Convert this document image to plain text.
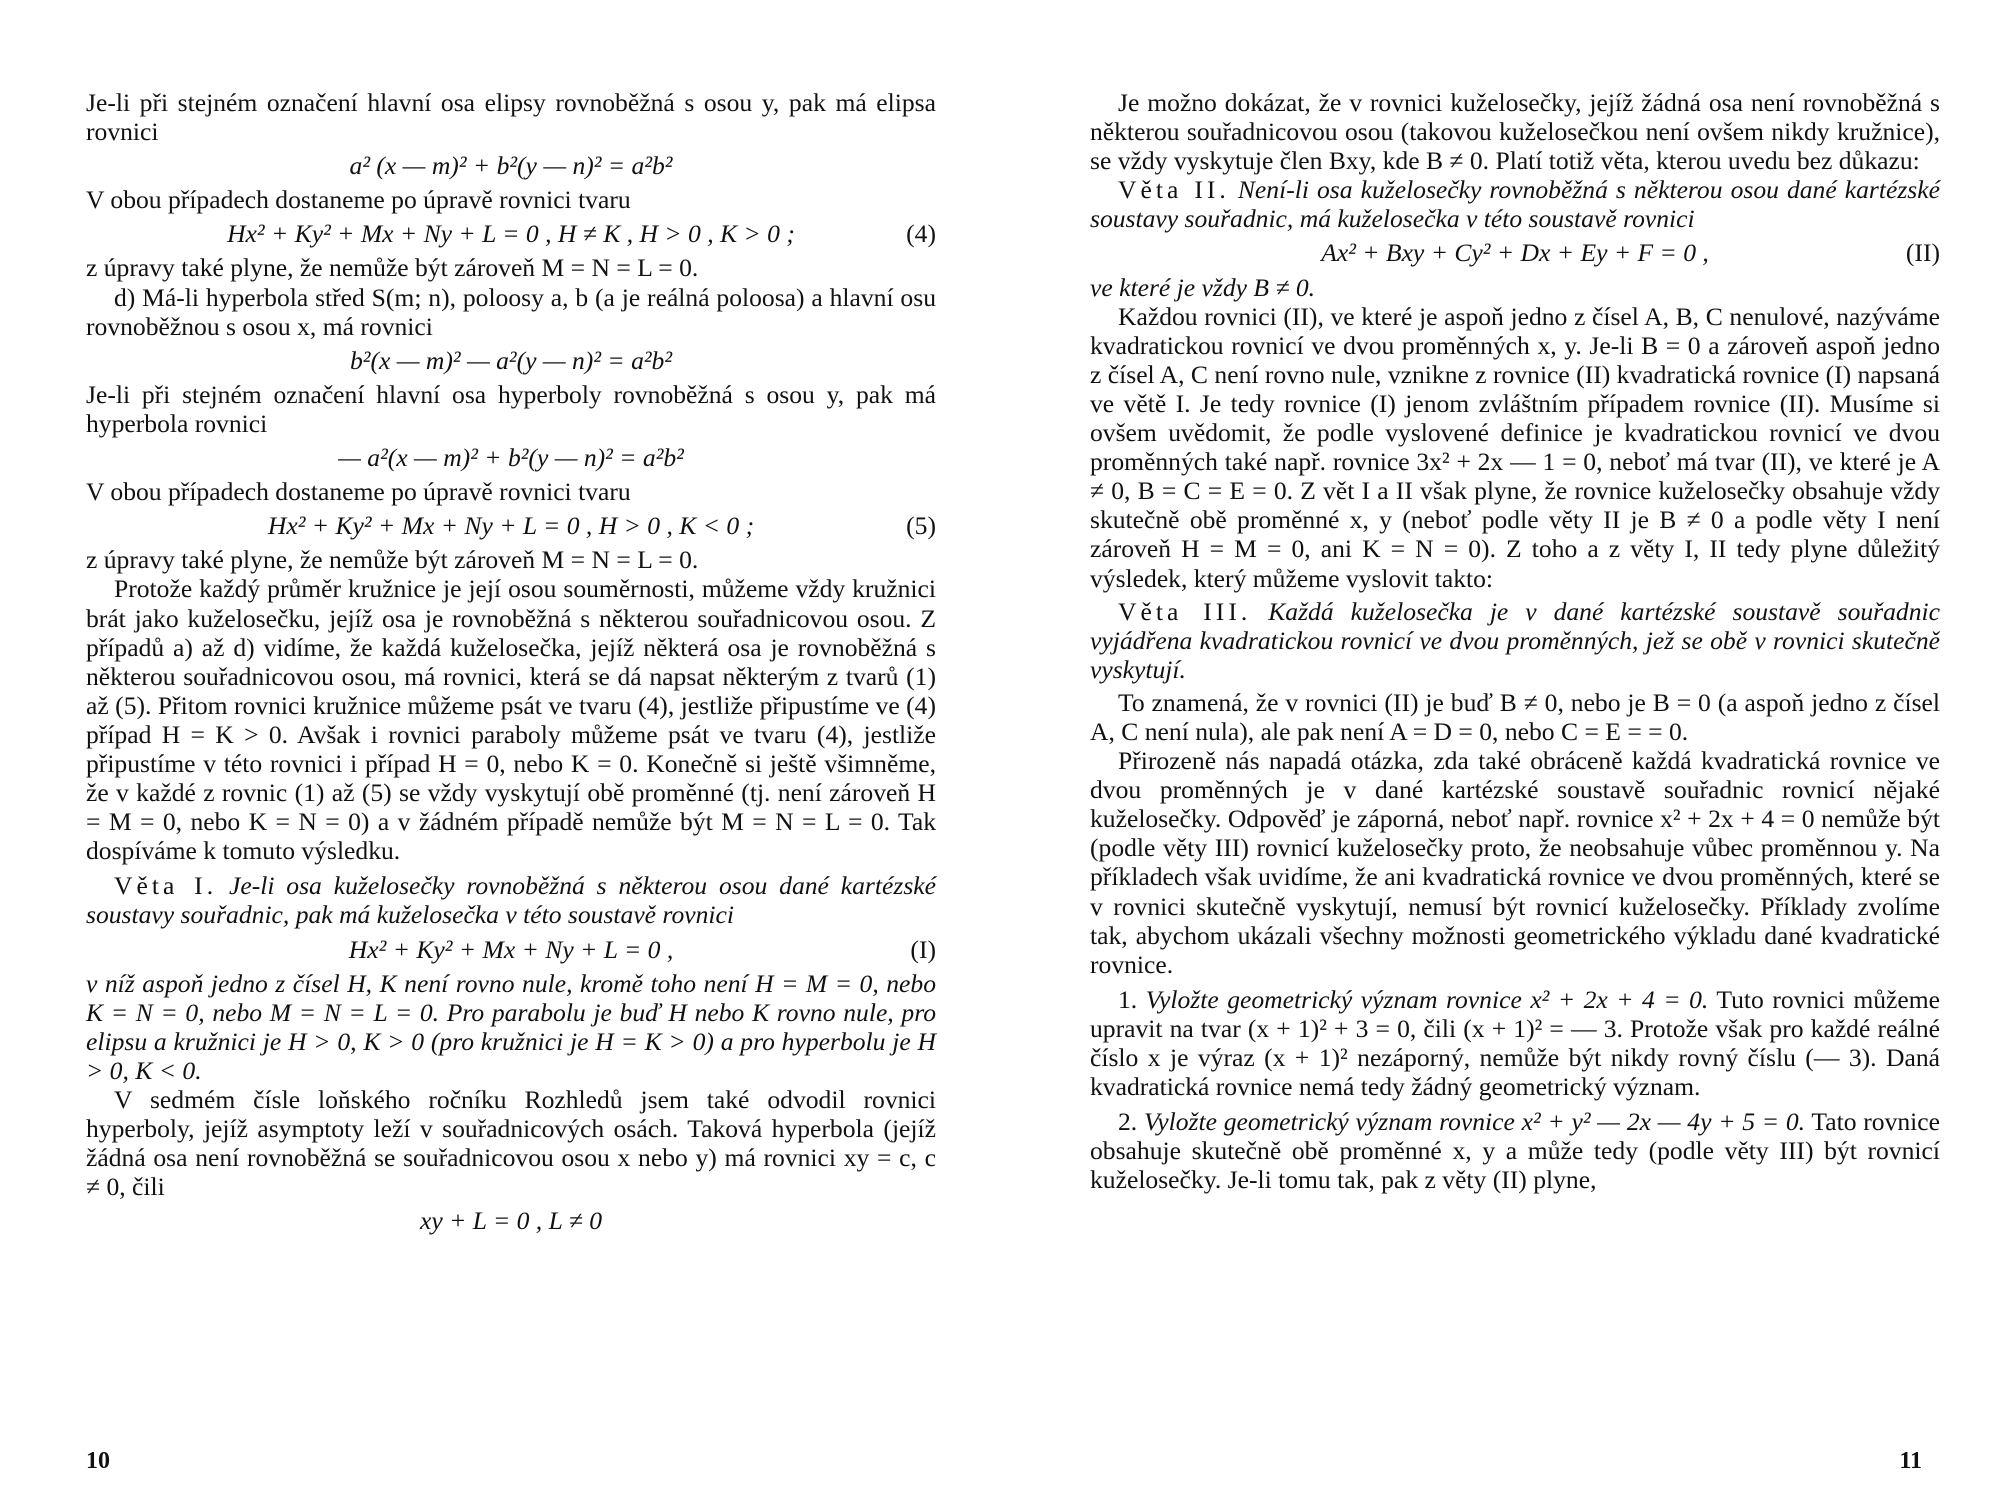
Je-li při stejném označení hlavní osa elipsy rovnoběžná s osou y, pak má elipsa rovnici

a² (x — m)² + b²(y — n)² = a²b²

V obou případech dostaneme po úpravě rovnici tvaru

Hx² + Ky² + Mx + Ny + L = 0 , H ≠ K , H > 0 , K > 0 ;	(4)

z úpravy také plyne, že nemůže být zároveň M = N = L = 0.

d) Má-li hyperbola střed S(m; n), poloosy a, b (a je reálná poloosa) a hlavní osu rovnoběžnou s osou x, má rovnici

b²(x — m)² — a²(y — n)² = a²b²

Je-li při stejném označení hlavní osa hyperboly rovnoběžná s osou y, pak má hyperbola rovnici

— a²(x — m)² + b²(y — n)² = a²b²

V obou případech dostaneme po úpravě rovnici tvaru

Hx² + Ky² + Mx + Ny + L = 0 , H > 0 , K < 0 ;	(5)

z úpravy také plyne, že nemůže být zároveň M = N = L = 0.

Protože každý průměr kružnice je její osou souměrnosti, můžeme vždy kružnici brát jako kuželosečku, jejíž osa je rovnoběžná s některou souřadnicovou osou. Z případů a) až d) vidíme, že každá kuželosečka, jejíž některá osa je rovnoběžná s některou souřadnicovou osou, má rovnici, která se dá napsat některým z tvarů (1) až (5). Přitom rovnici kružnice můžeme psát ve tvaru (4), jestliže připustíme ve (4) případ H = K > 0. Avšak i rovnici paraboly můžeme psát ve tvaru (4), jestliže připustíme v této rovnici i případ H = 0, nebo K = 0. Konečně si ještě všimněme, že v každé z rovnic (1) až (5) se vždy vyskytují obě proměnné (tj. není zároveň H = M = 0, nebo K = N = 0) a v žádném případě nemůže být M = N = L = 0. Tak dospíváme k tomuto výsledku.

Věta I. Je-li osa kuželosečky rovnoběžná s některou osou dané kartézské soustavy souřadnic, pak má kuželosečka v této soustavě rovnici

Hx² + Ky² + Mx + Ny + L = 0 ,	(I)

v níž aspoň jedno z čísel H, K není rovno nule, kromě toho není H = M = 0, nebo K = N = 0, nebo M = N = L = 0. Pro parabolu je buď H nebo K rovno nule, pro elipsu a kružnici je H > 0, K > 0 (pro kružnici je H = K > 0) a pro hyperbolu je H > 0, K < 0.

V sedmém čísle loňského ročníku Rozhledů jsem také odvodil rovnici hyperboly, jejíž asymptoty leží v souřadnicových osách. Taková hyperbola (jejíž žádná osa není rovnoběžná se souřadnicovou osou x nebo y) má rovnici xy = c, c ≠ 0, čili

xy + L = 0 , L ≠ 0
10

Je možno dokázat, že v rovnici kuželosečky, jejíž žádná osa není rovnoběžná s některou souřadnicovou osou (takovou kuželosečkou není ovšem nikdy kružnice), se vždy vyskytuje člen Bxy, kde B ≠ 0. Platí totiž věta, kterou uvedu bez důkazu:

Věta II. Není-li osa kuželosečky rovnoběžná s některou osou dané kartézské soustavy souřadnic, má kuželosečka v této soustavě rovnici

Ax² + Bxy + Cy² + Dx + Ey + F = 0 ,	(II)

ve které je vždy B ≠ 0.

Každou rovnici (II), ve které je aspoň jedno z čísel A, B, C nenulové, nazýváme kvadratickou rovnicí ve dvou proměnných x, y. Je-li B = 0 a zároveň aspoň jedno z čísel A, C není rovno nule, vznikne z rovnice (II) kvadratická rovnice (I) napsaná ve větě I. Je tedy rovnice (I) jenom zvláštním případem rovnice (II). Musíme si ovšem uvědomit, že podle vyslovené definice je kvadratickou rovnicí ve dvou proměnných také např. rovnice 3x² + 2x — 1 = 0, neboť má tvar (II), ve které je A ≠ 0, B = C = E = 0. Z vět I a II však plyne, že rovnice kuželosečky obsahuje vždy skutečně obě proměnné x, y (neboť podle věty II je B ≠ 0 a podle věty I není zároveň H = M = 0, ani K = N = 0). Z toho a z věty I, II tedy plyne důležitý výsledek, který můžeme vyslovit takto:

Věta III. Každá kuželosečka je v dané kartézské soustavě souřadnic vyjádřena kvadratickou rovnicí ve dvou proměnných, jež se obě v rovnici skutečně vyskytují.

To znamená, že v rovnici (II) je buď B ≠ 0, nebo je B = 0 (a aspoň jedno z čísel A, C není nula), ale pak není A = D = 0, nebo C = E = = 0.

Přirozeně nás napadá otázka, zda také obráceně každá kvadratická rovnice ve dvou proměnných je v dané kartézské soustavě souřadnic rovnicí nějaké kuželosečky. Odpověď je záporná, neboť např. rovnice x² + 2x + 4 = 0 nemůže být (podle věty III) rovnicí kuželosečky proto, že neobsahuje vůbec proměnnou y. Na příkladech však uvidíme, že ani kvadratická rovnice ve dvou proměnných, které se v rovnici skutečně vyskytují, nemusí být rovnicí kuželosečky. Příklady zvolíme tak, abychom ukázali všechny možnosti geometrického výkladu dané kvadratické rovnice.

1. Vyložte geometrický význam rovnice x² + 2x + 4 = 0. Tuto rovnici můžeme upravit na tvar (x + 1)² + 3 = 0, čili (x + 1)² = — 3. Protože však pro každé reálné číslo x je výraz (x + 1)² nezáporný, nemůže být nikdy rovný číslu (— 3). Daná kvadratická rovnice nemá tedy žádný geometrický význam.

2. Vyložte geometrický význam rovnice x² + y² — 2x — 4y + 5 = 0. Tato rovnice obsahuje skutečně obě proměnné x, y a může tedy (podle věty III) být rovnicí kuželosečky. Je-li tomu tak, pak z věty (II) plyne,

11
